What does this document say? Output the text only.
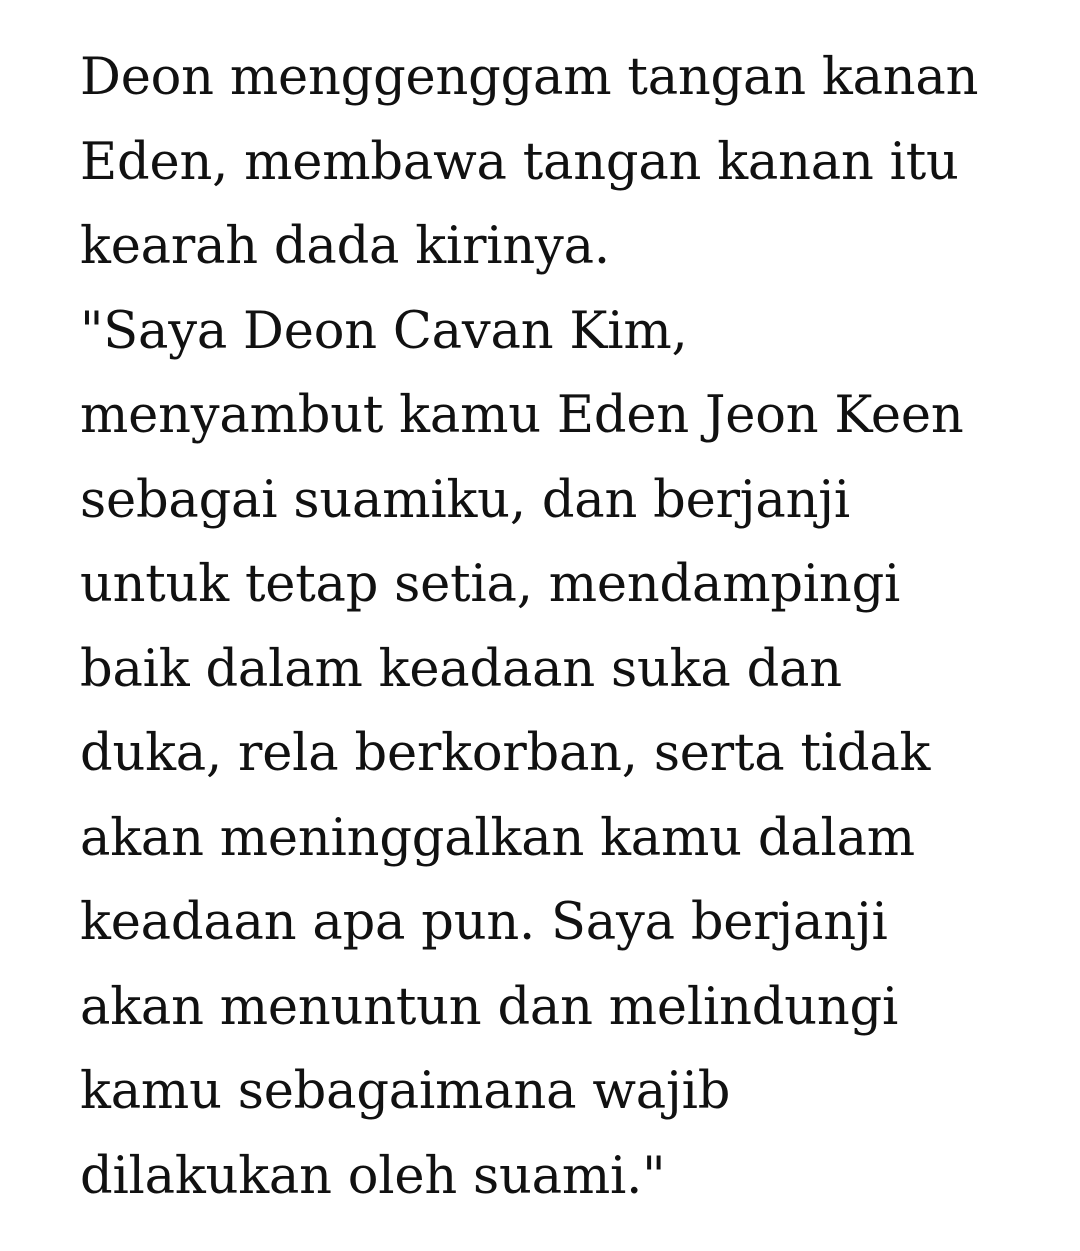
Deon menggenggam tangan kanan
Eden, membawa tangan kanan itu
kearah dada kirinya.
"Saya Deon Cavan Kim,
menyambut kamu Eden Jeon Keen
sebagai suamiku, dan berjanji
untuk tetap setia, mendampingi
baik dalam keadaan suka dan
duka, rela berkorban, serta tidak
akan meninggalkan kamu dalam
keadaan apa pun. Saya berjanji
akan menuntun dan melindungi
kamu sebagaimana wajib
dilakukan oleh suami."
